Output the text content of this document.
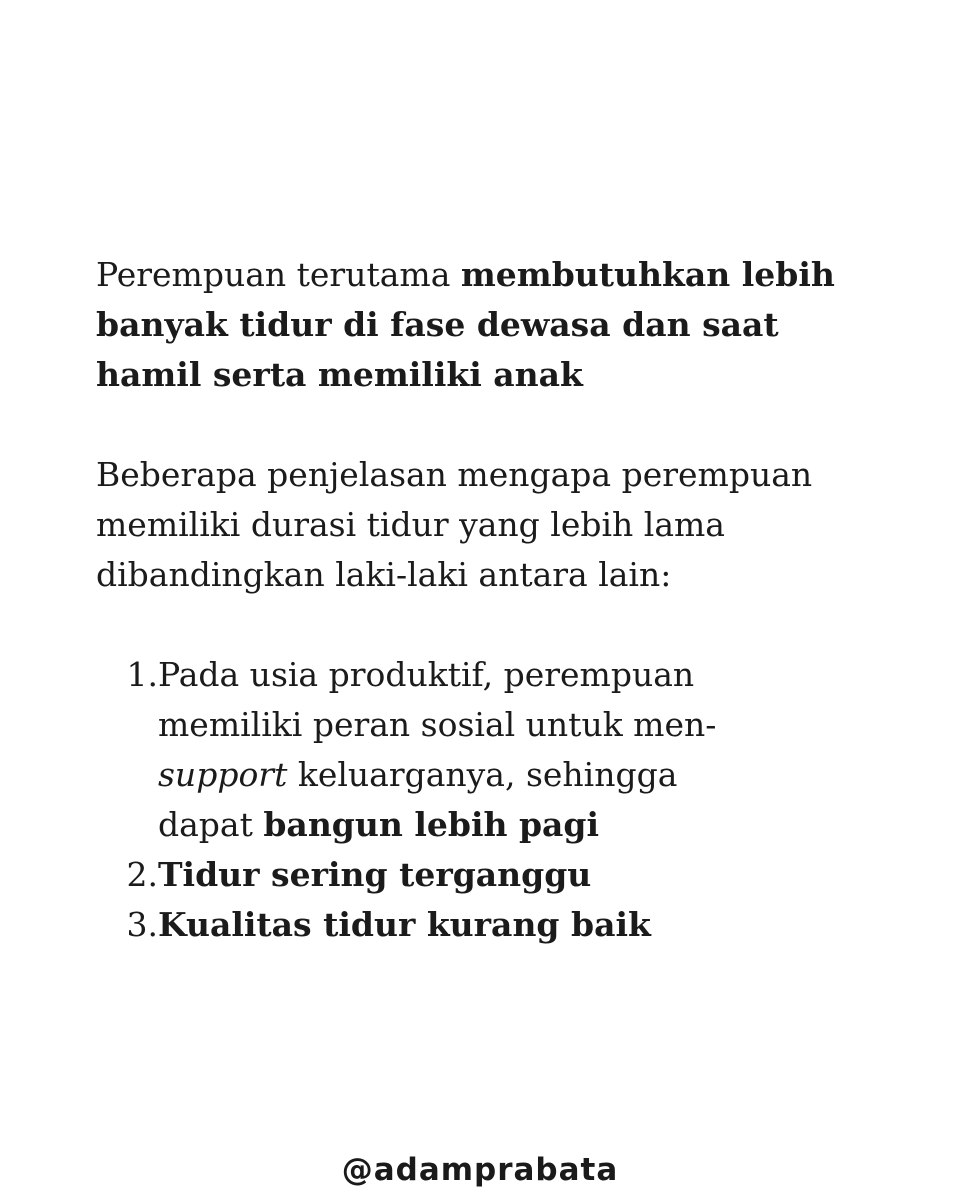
Perempuan terutama membutuhkan lebih banyak tidur di fase dewasa dan saat hamil serta memiliki anak

Beberapa penjelasan mengapa perempuan memiliki durasi tidur yang lebih lama dibandingkan laki-laki antara lain:

1. Pada usia produktif, perempuan memiliki peran sosial untuk men-support keluarganya, sehingga dapat bangun lebih pagi
2. Tidur sering terganggu
3. Kualitas tidur kurang baik
@adamprabata
